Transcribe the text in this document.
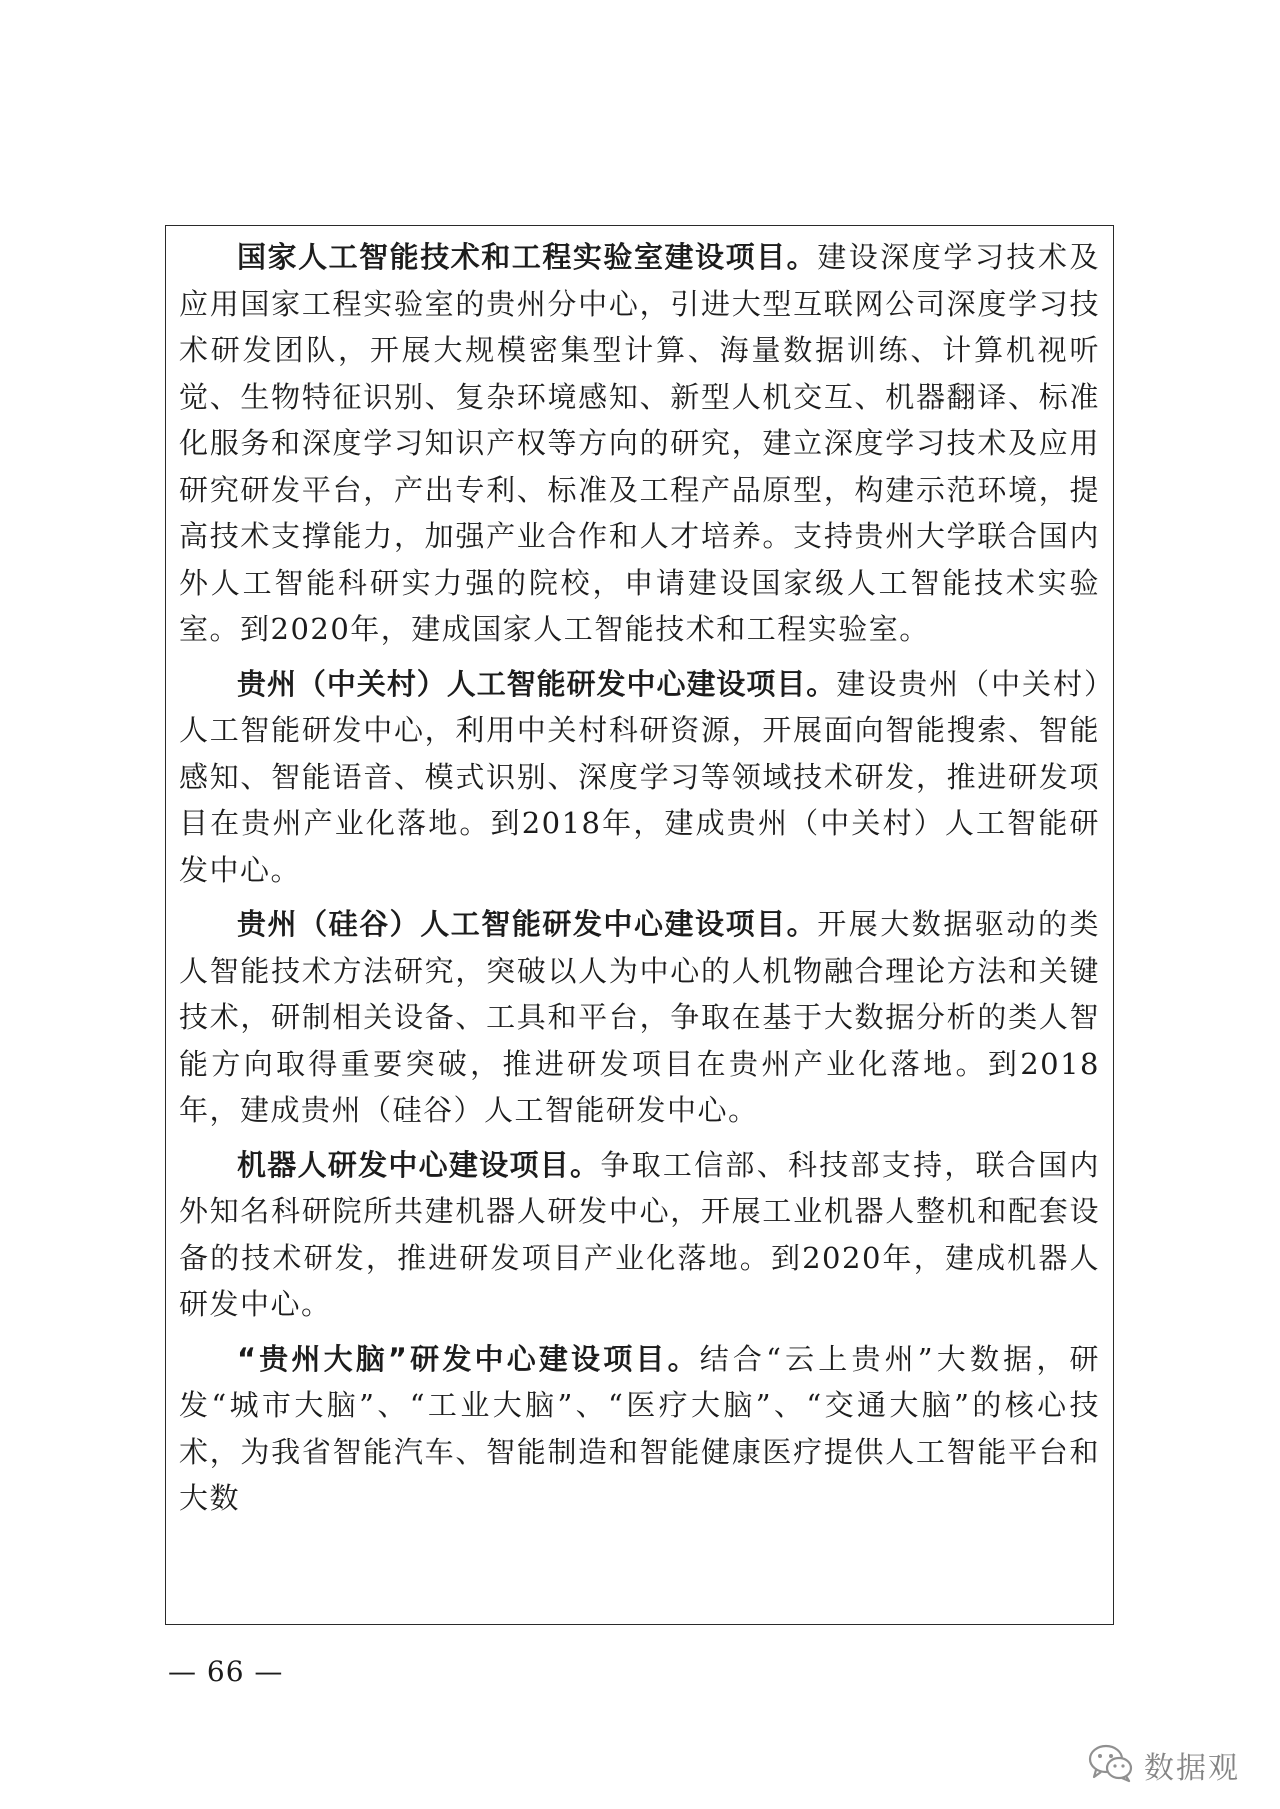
国家人工智能技术和工程实验室建设项目。建设深度学习技术及应用国家工程实验室的贵州分中心，引进大型互联网公司深度学习技术研发团队，开展大规模密集型计算、海量数据训练、计算机视听觉、生物特征识别、复杂环境感知、新型人机交互、机器翻译、标准化服务和深度学习知识产权等方向的研究，建立深度学习技术及应用研究研发平台，产出专利、标准及工程产品原型，构建示范环境，提高技术支撑能力，加强产业合作和人才培养。支持贵州大学联合国内外人工智能科研实力强的院校，申请建设国家级人工智能技术实验室。到2020年，建成国家人工智能技术和工程实验室。

贵州（中关村）人工智能研发中心建设项目。建设贵州（中关村）人工智能研发中心，利用中关村科研资源，开展面向智能搜索、智能感知、智能语音、模式识别、深度学习等领域技术研发，推进研发项目在贵州产业化落地。到2018年，建成贵州（中关村）人工智能研发中心。

贵州（硅谷）人工智能研发中心建设项目。开展大数据驱动的类人智能技术方法研究，突破以人为中心的人机物融合理论方法和关键技术，研制相关设备、工具和平台，争取在基于大数据分析的类人智能方向取得重要突破，推进研发项目在贵州产业化落地。到2018年，建成贵州（硅谷）人工智能研发中心。

机器人研发中心建设项目。争取工信部、科技部支持，联合国内外知名科研院所共建机器人研发中心，开展工业机器人整机和配套设备的技术研发，推进研发项目产业化落地。到2020年，建成机器人研发中心。

“贵州大脑”研发中心建设项目。结合“云上贵州”大数据，研发“城市大脑”、“工业大脑”、“医疗大脑”、“交通大脑”的核心技术，为我省智能汽车、智能制造和智能健康医疗提供人工智能平台和大数

— 66 —
数据观
